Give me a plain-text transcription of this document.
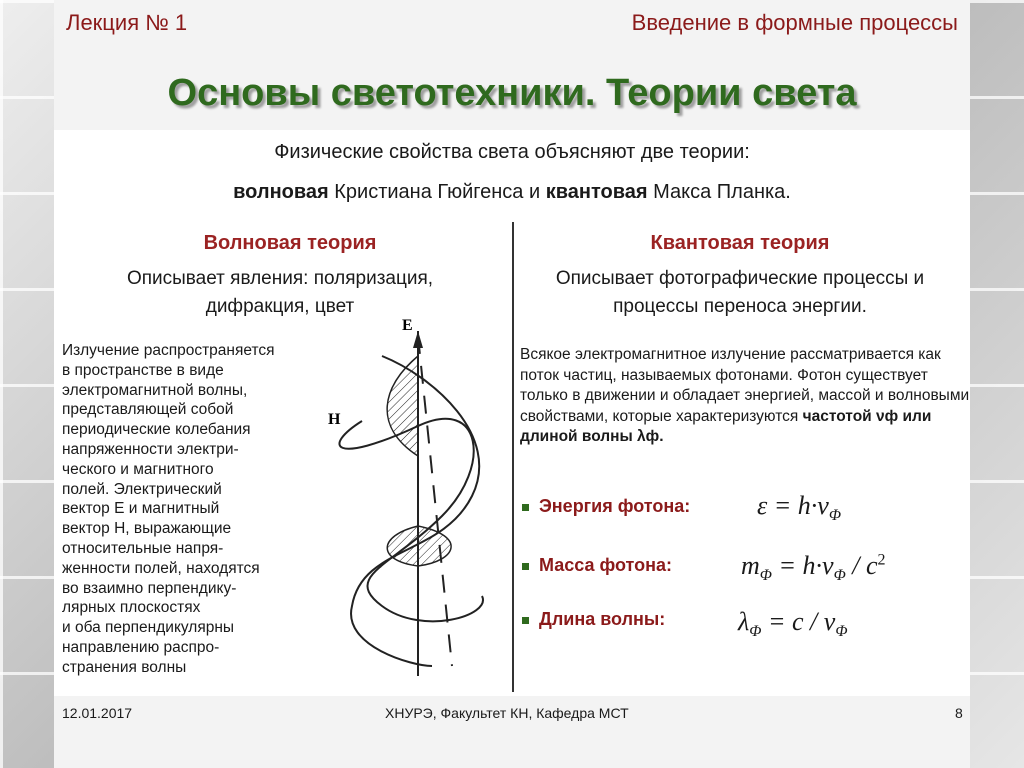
Лекция № 1	Введение в формные процессы
Основы светотехники. Теории света
Физические свойства света объясняют две теории:
волновая Кристиана Гюйгенса и квантовая Макса Планка.
Волновая теория
Описывает явления: поляризация, дифракция, цвет
Излучение распространяется
в пространстве в виде
электромагнитной волны,
представляющей собой
периодические колебания
напряженности электри-
ческого и магнитного
полей. Электрический
вектор Е и магнитный
вектор Н, выражающие
относительные напря-
женности полей, находятся
во взаимно перпендику-
лярных плоскостях
и оба перпендикулярны
направлению распро-
странения волны
E
H
Квантовая теория
Описывает фотографические процессы и процессы переноса энергии.
Всякое электромагнитное излучение рассматривается как поток частиц, называемых фотонами. Фотон существует только в движении и обладает энергией, массой и волновыми свойствами, которые характеризуются частотой νф или длиной волны λф.
Энергия фотона:	$\varepsilon = h\cdot\nu_\Phi$
Масса фотона:	$m_\Phi = h\cdot\nu_\Phi / c^2$
Длина волны:	$\lambda_\Phi = c / \nu_\Phi$
12.01.2017	ХНУРЭ, Факультет КН, Кафедра МСТ	8
